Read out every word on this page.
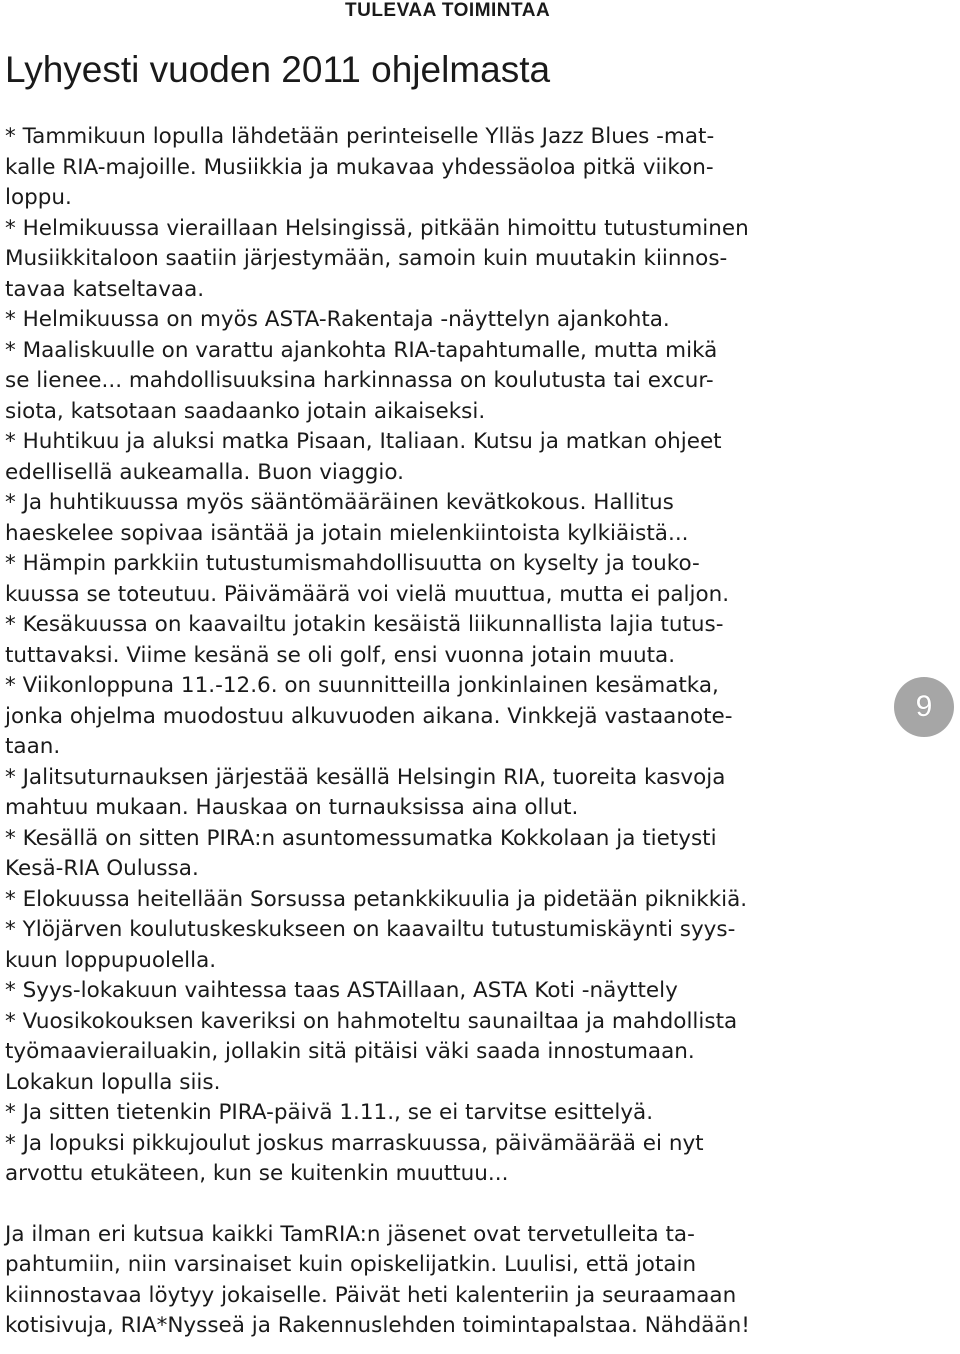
TULEVAA TOIMINTAA
Lyhyesti vuoden 2011 ohjelmasta

* Tammikuun lopulla lähdetään perinteiselle Ylläs Jazz Blues -mat-
kalle RIA-majoille. Musiikkia ja mukavaa yhdessäoloa pitkä viikon-
loppu.

* Helmikuussa vieraillaan Helsingissä, pitkään himoittu tutustuminen
Musiikkitaloon saatiin järjestymään, samoin kuin muutakin kiinnos-
tavaa katseltavaa.

* Helmikuussa on myös ASTA-Rakentaja -näyttelyn ajankohta.

* Maaliskuulle on varattu ajankohta RIA-tapahtumalle, mutta mikä
se lienee... mahdollisuuksina harkinnassa on koulutusta tai excur-
siota, katsotaan saadaanko jotain aikaiseksi.

* Huhtikuu ja aluksi matka Pisaan, Italiaan. Kutsu ja matkan ohjeet
edellisellä aukeamalla. Buon viaggio.

* Ja huhtikuussa myös sääntömääräinen kevätkokous. Hallitus
haeskelee sopivaa isäntää ja jotain mielenkiintoista kylkiäistä...

* Hämpin parkkiin tutustumismahdollisuutta on kyselty ja touko-
kuussa se toteutuu. Päivämäärä voi vielä muuttua, mutta ei paljon.

* Kesäkuussa on kaavailtu jotakin kesäistä liikunnallista lajia tutus-
tuttavaksi. Viime kesänä se oli golf, ensi vuonna jotain muuta.

* Viikonloppuna 11.-12.6. on suunnitteilla jonkinlainen kesämatka,
jonka ohjelma muodostuu alkuvuoden aikana. Vinkkejä vastaanote-
taan.

* Jalitsuturnauksen järjestää kesällä Helsingin RIA, tuoreita kasvoja
mahtuu mukaan. Hauskaa on turnauksissa aina ollut.

* Kesällä on sitten PIRA:n asuntomessumatka Kokkolaan ja tietysti
Kesä-RIA Oulussa.

* Elokuussa heitellään Sorsussa petankkikuulia ja pidetään piknikkiä.

* Ylöjärven koulutuskeskukseen on kaavailtu tutustumiskäynti syys-
kuun loppupuolella.

* Syys-lokakuun vaihtessa taas ASTAillaan, ASTA Koti -näyttely

* Vuosikokouksen kaveriksi on hahmoteltu saunailtaa ja mahdollista
työmaavierailuakin, jollakin sitä pitäisi väki saada innostumaan.
Lokakun lopulla siis.

* Ja sitten tietenkin PIRA-päivä 1.11., se ei tarvitse esittelyä.

* Ja lopuksi pikkujoulut joskus marraskuussa, päivämäärää ei nyt
arvottu etukäteen, kun se kuitenkin muuttuu...

Ja ilman eri kutsua kaikki TamRIA:n jäsenet ovat tervetulleita ta-
pahtumiin, niin varsinaiset kuin opiskelijatkin. Luulisi, että jotain
kiinnostavaa löytyy jokaiselle. Päivät heti kalenteriin ja seuraamaan
kotisivuja, RIA*Nysseä ja Rakennuslehden toimintapalstaa. Nähdään!

9
